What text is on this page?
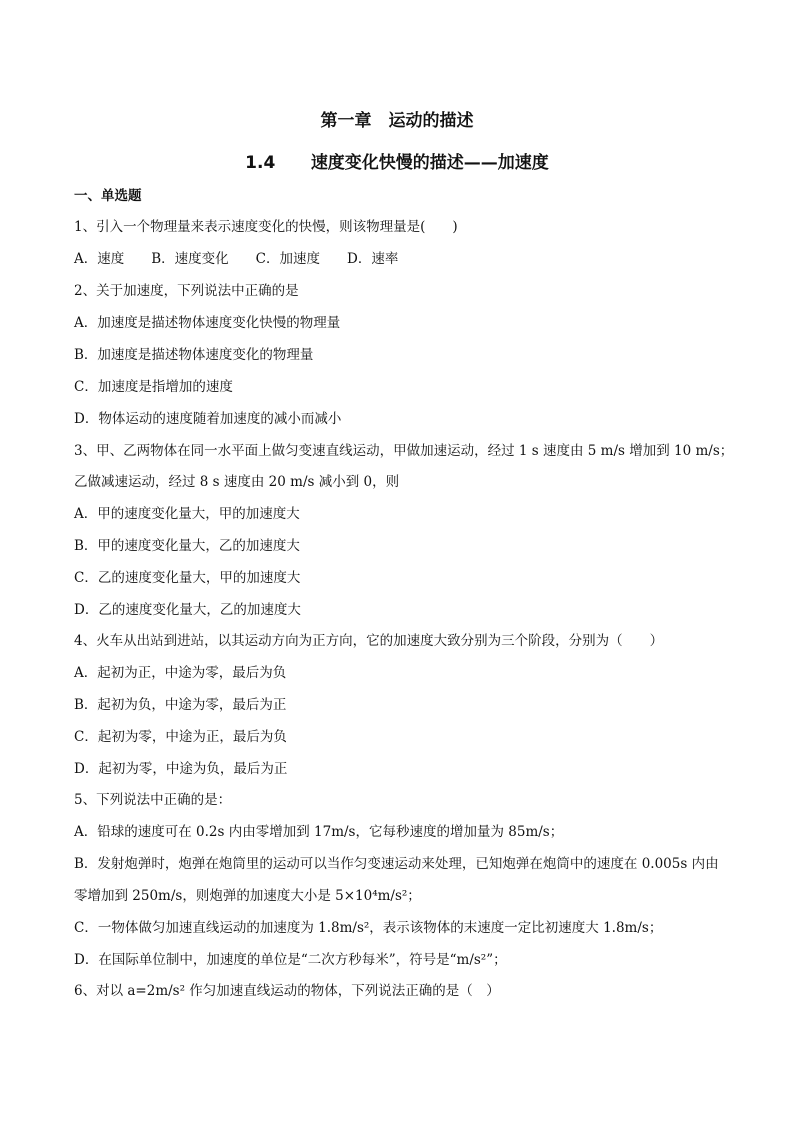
第一章　运动的描述
1.4 速度变化快慢的描述——加速度
一、单选题
1、引入一个物理量来表示速度变化的快慢，则该物理量是(　　)
A．速度　　B．速度变化　　C．加速度　　D．速率
2、关于加速度，下列说法中正确的是
A．加速度是描述物体速度变化快慢的物理量
B．加速度是描述物体速度变化的物理量
C．加速度是指增加的速度
D．物体运动的速度随着加速度的减小而减小
3、甲、乙两物体在同一水平面上做匀变速直线运动，甲做加速运动，经过 1 s 速度由 5 m/s 增加到 10 m/s；
乙做减速运动，经过 8 s 速度由 20 m/s 减小到 0，则
A．甲的速度变化量大，甲的加速度大
B．甲的速度变化量大，乙的加速度大
C．乙的速度变化量大，甲的加速度大
D．乙的速度变化量大，乙的加速度大
4、火车从出站到进站，以其运动方向为正方向，它的加速度大致分别为三个阶段，分别为（　　）
A．起初为正，中途为零，最后为负
B．起初为负，中途为零，最后为正
C．起初为零，中途为正，最后为负
D．起初为零，中途为负，最后为正
5、下列说法中正确的是：
A．铅球的速度可在 0.2s 内由零增加到 17m/s，它每秒速度的增加量为 85m/s；
B．发射炮弹时，炮弹在炮筒里的运动可以当作匀变速运动来处理，已知炮弹在炮筒中的速度在 0.005s 内由
零增加到 250m/s，则炮弹的加速度大小是 5×10⁴m/s²；
C．一物体做匀加速直线运动的加速度为 1.8m/s²，表示该物体的末速度一定比初速度大 1.8m/s；
D．在国际单位制中，加速度的单位是“二次方秒每米”，符号是“m/s²”；
6、对以 a=2m/s² 作匀加速直线运动的物体，下列说法正确的是（　）
